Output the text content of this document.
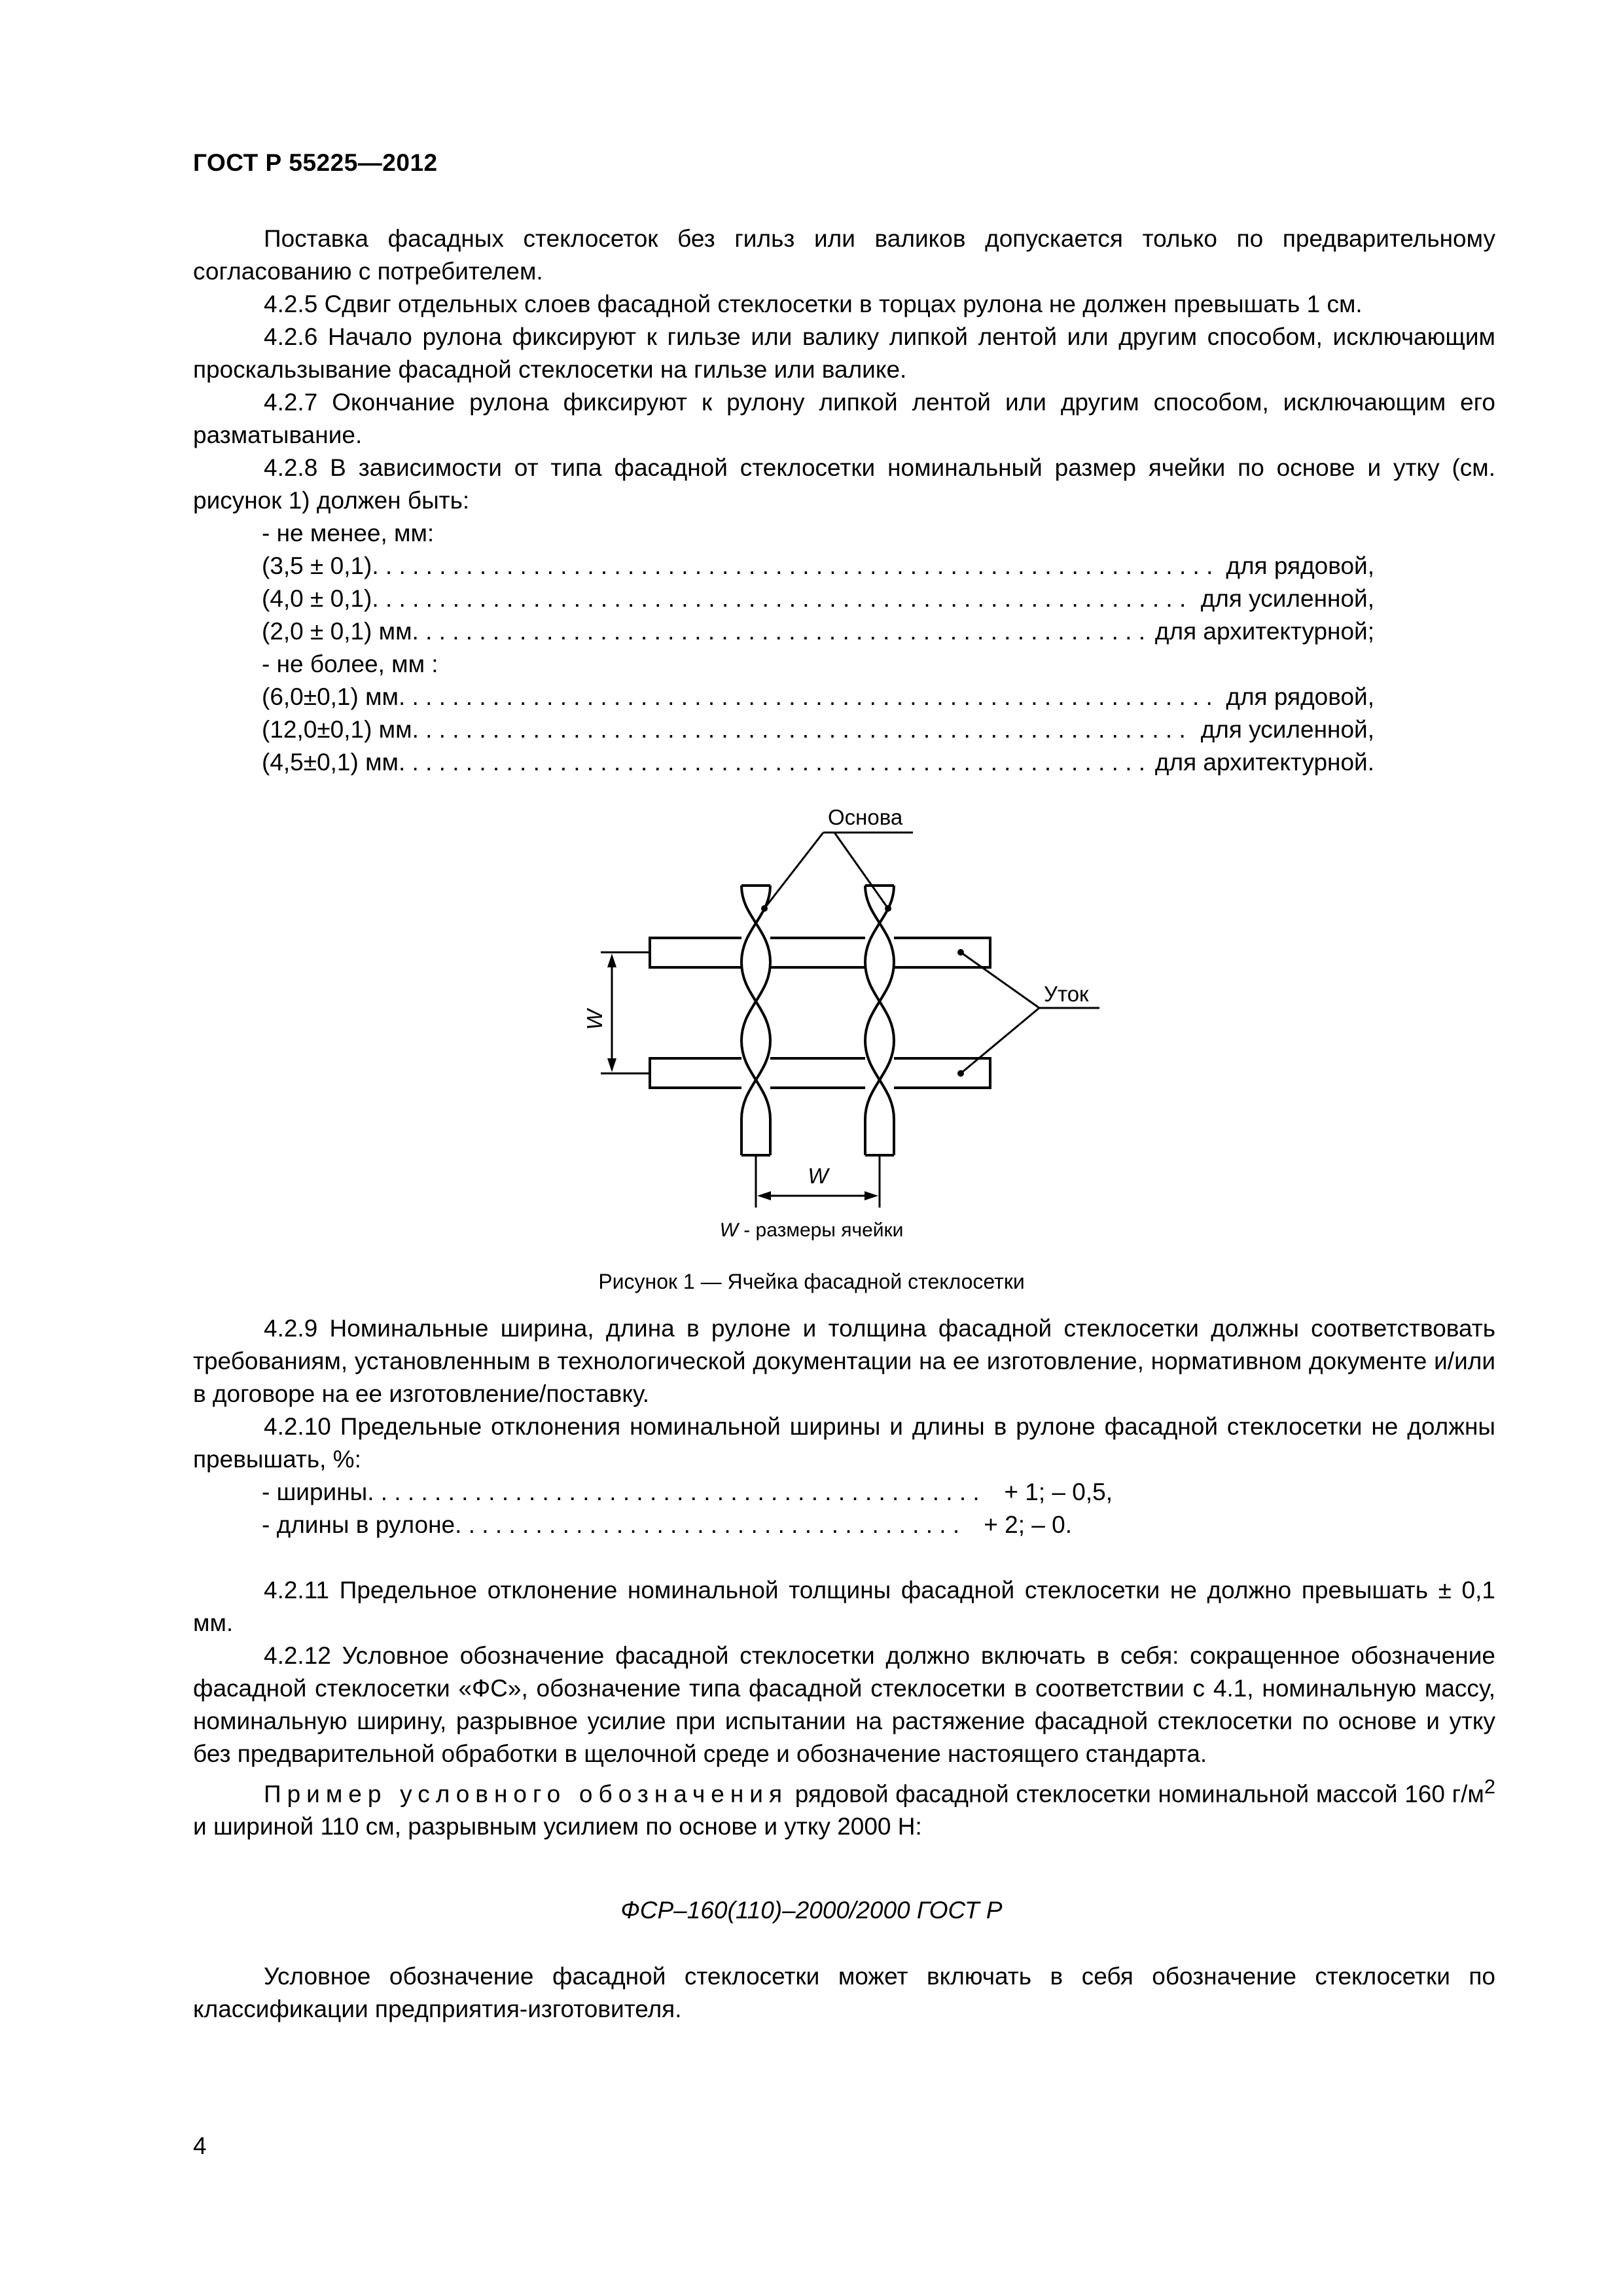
ГОСТ Р 55225—2012

Поставка фасадных стеклосеток без гильз или валиков допускается только по предварительному согласованию с потребителем.

4.2.5 Сдвиг отдельных слоев фасадной стеклосетки в торцах рулона не должен превышать 1 см.

4.2.6 Начало рулона фиксируют к гильзе или валику липкой лентой или другим способом, исключающим проскальзывание фасадной стеклосетки на гильзе или валике.

4.2.7 Окончание рулона фиксируют к рулону липкой лентой или другим способом, исключающим его разматывание.

4.2.8 В зависимости от типа фасадной стеклосетки номинальный размер ячейки по основе и утку (см. рисунок 1) должен быть:

- не менее, мм:
(3,5 ± 0,1) . . .	для рядовой,
(4,0 ± 0,1) . . .	для усиленной,
(2,0 ± 0,1) мм . . .	для архитектурной;
- не более, мм :
(6,0±0,1) мм . . .	для рядовой,
(12,0±0,1) мм . . .	для усиленной,
(4,5±0,1) мм . . .	для архитектурной.
Основа
Уток
W
W
W - размеры ячейки
Рисунок 1 — Ячейка фасадной стеклосетки

4.2.9 Номинальные ширина, длина в рулоне и толщина фасадной стеклосетки должны соответствовать требованиям, установленным в технологической документации на ее изготовление, нормативном документе и/или в договоре на ее изготовление/поставку.

4.2.10 Предельные отклонения номинальной ширины и длины в рулоне фасадной стеклосетки не должны превышать, %:

- ширины . . .	+ 1; – 0,5,
- длины в рулоне . . .	+ 2; – 0.

4.2.11 Предельное отклонение номинальной толщины фасадной стеклосетки не должно превышать ± 0,1 мм.

4.2.12 Условное обозначение фасадной стеклосетки должно включать в себя: сокращенное обозначение фасадной стеклосетки «ФС», обозначение типа фасадной стеклосетки в соответствии с 4.1, номинальную массу, номинальную ширину, разрывное усилие при испытании на растяжение фасадной стеклосетки по основе и утку без предварительной обработки в щелочной среде и обозначение настоящего стандарта.

Пример условного обозначения рядовой фасадной стеклосетки номинальной массой 160 $г/м^2$ и шириной 110 см, разрывным усилием по основе и утку 2000 Н:

ФСР–160(110)–2000/2000 ГОСТ Р

Условное обозначение фасадной стеклосетки может включать в себя обозначение стеклосетки по классификации предприятия-изготовителя.

4
